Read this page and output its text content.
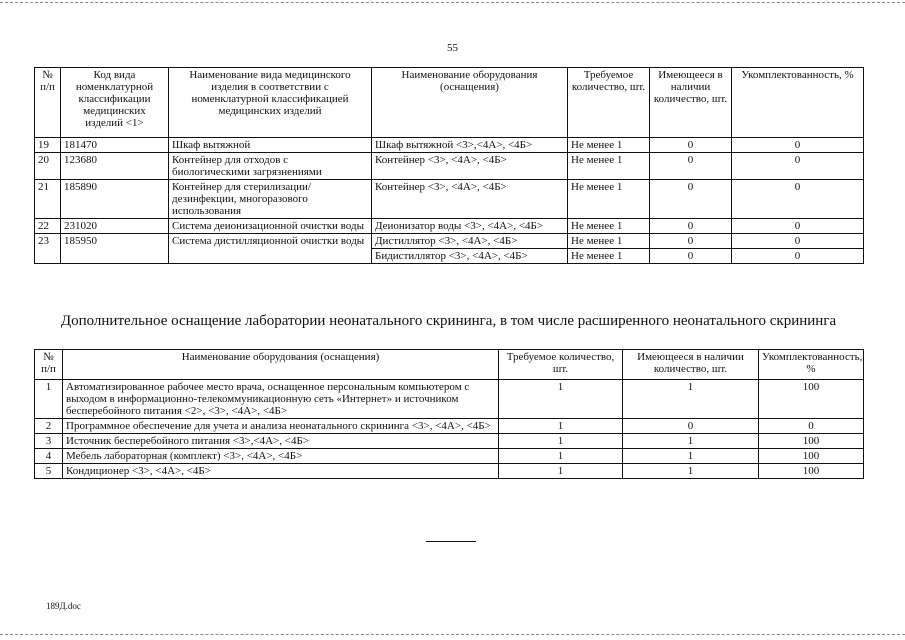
55
№ п/п	Код вида номенклатурной классификации медицинских изделий <1>	Наименование вида медицинского изделия в соответствии с номенклатурной классификацией медицинских изделий	Наименование оборудования (оснащения)	Требуемое количество, шт.	Имеющееся в наличии количество, шт.	Укомплектованность, %
19	181470	Шкаф вытяжной	Шкаф вытяжной <3>,<4А>, <4Б>	Не менее 1	0	0
20	123680	Контейнер для отходов с биологическими загрязнениями	Контейнер <3>, <4А>, <4Б>	Не менее 1	0	0
21	185890	Контейнер для стерилизации/дезинфекции, многоразового использования	Контейнер <3>, <4А>, <4Б>	Не менее 1	0	0
22	231020	Система деионизационной очистки воды	Деионизатор воды <3>, <4А>, <4Б>	Не менее 1	0	0
23	185950	Система дистилляционной очистки воды	Дистиллятор <3>, <4А>, <4Б>	Не менее 1	0	0
			Бидистиллятор <3>, <4А>, <4Б>	Не менее 1	0	0
Дополнительное оснащение лаборатории неонатального скрининга, в том числе расширенного неонатального скрининга
№ п/п	Наименование оборудования (оснащения)	Требуемое количество, шт.	Имеющееся в наличии количество, шт.	Укомплектованность, %
1	Автоматизированное рабочее место врача, оснащенное персональным компьютером с выходом в информационно-телекоммуникационную сеть «Интернет» и источником бесперебойного питания <2>, <3>, <4А>, <4Б>	1	1	100
2	Программное обеспечение для учета и анализа неонатального скрининга <3>, <4А>, <4Б>	1	0	0
3	Источник бесперебойного питания <3>,<4А>, <4Б>	1	1	100
4	Мебель лабораторная (комплект) <3>, <4А>, <4Б>	1	1	100
5	Кондиционер <3>, <4А>, <4Б>	1	1	100
189Д.doc
